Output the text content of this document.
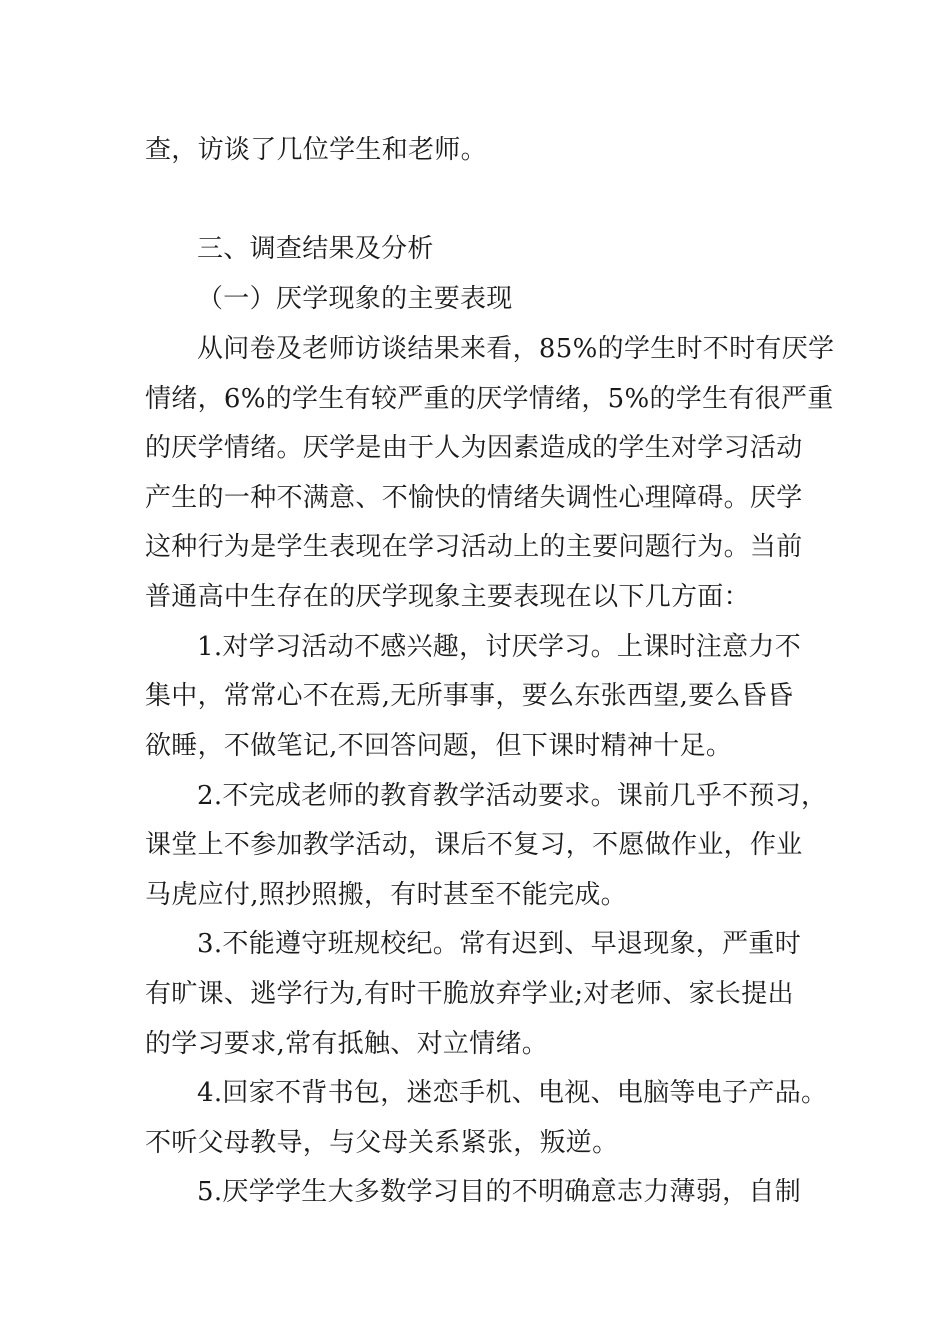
查，访谈了几位学生和老师。
三、调查结果及分析
（一）厌学现象的主要表现
从问卷及老师访谈结果来看，85%的学生时不时有厌学
情绪，6%的学生有较严重的厌学情绪，5%的学生有很严重
的厌学情绪。厌学是由于人为因素造成的学生对学习活动
产生的一种不满意、不愉快的情绪失调性心理障碍。厌学
这种行为是学生表现在学习活动上的主要问题行为。当前
普通高中生存在的厌学现象主要表现在以下几方面：
1.对学习活动不感兴趣，讨厌学习。上课时注意力不
集中，常常心不在焉,无所事事，要么东张西望,要么昏昏
欲睡，不做笔记,不回答问题，但下课时精神十足。
2.不完成老师的教育教学活动要求。课前几乎不预习，
课堂上不参加教学活动，课后不复习，不愿做作业，作业
马虎应付,照抄照搬，有时甚至不能完成。
3.不能遵守班规校纪。常有迟到、早退现象，严重时
有旷课、逃学行为,有时干脆放弃学业;对老师、家长提出
的学习要求,常有抵触、对立情绪。
4.回家不背书包，迷恋手机、电视、电脑等电子产品。
不听父母教导，与父母关系紧张，叛逆。
5.厌学学生大多数学习目的不明确意志力薄弱，自制
